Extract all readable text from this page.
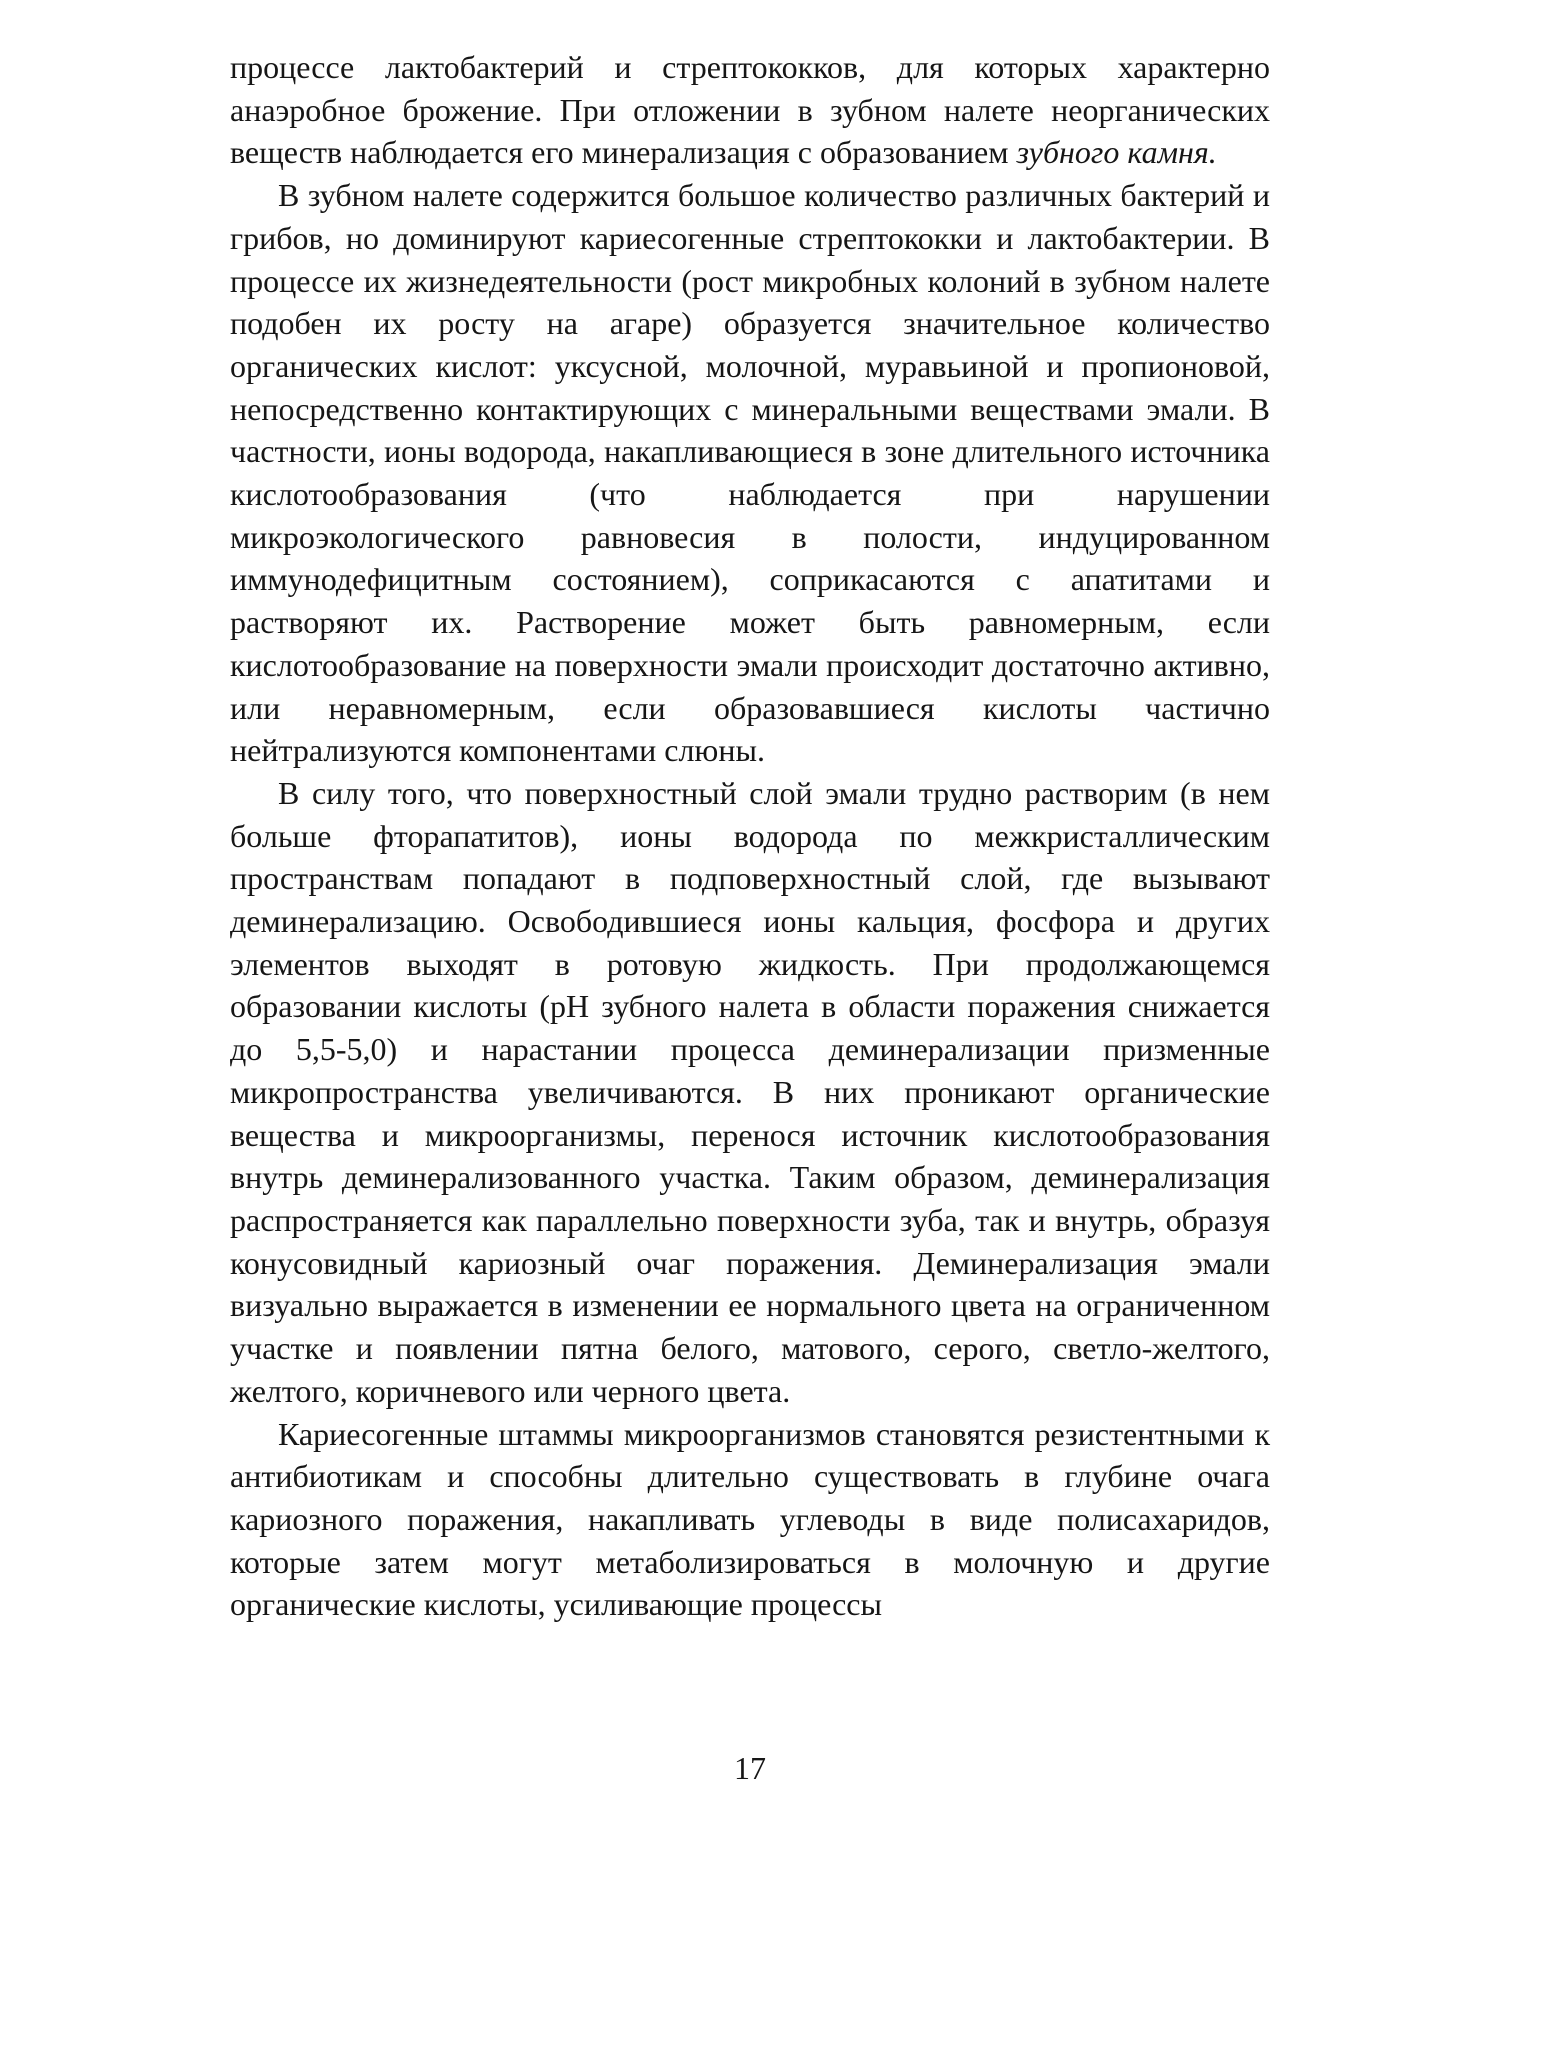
процессе лактобактерий и стрептококков, для которых характерно анаэробное брожение. При отложении в зубном налете неорганических веществ наблюдается его минерализация с образованием зубного камня.

В зубном налете содержится большое количество различных бактерий и грибов, но доминируют кариесогенные стрептококки и лактобактерии. В процессе их жизнедеятельности (рост микробных колоний в зубном налете подобен их росту на агаре) образуется значительное количество органических кислот: уксусной, молочной, муравьиной и пропионовой, непосредственно контактирующих с минеральными веществами эмали. В частности, ионы водорода, накапливающиеся в зоне длительного источника кислотообразования (что наблюдается при нарушении микроэкологического равновесия в полости, индуцированном иммунодефицитным состоянием), соприкасаются с апатитами и растворяют их. Растворение может быть равномерным, если кислотообразование на поверхности эмали происходит достаточно активно, или неравномерным, если образовавшиеся кислоты частично нейтрализуются компонентами слюны.

В силу того, что поверхностный слой эмали трудно растворим (в нем больше фторапатитов), ионы водорода по межкристаллическим пространствам попадают в подповерхностный слой, где вызывают деминерализацию. Освободившиеся ионы кальция, фосфора и других элементов выходят в ротовую жидкость. При продолжающемся образовании кислоты (pH зубного налета в области поражения снижается до 5,5-5,0) и нарастании процесса деминерализации призменные микропространства увеличиваются. В них проникают органические вещества и микроорганизмы, перенося источник кислотообразования внутрь деминерализованного участка. Таким образом, деминерализация распространяется как параллельно поверхности зуба, так и внутрь, образуя конусовидный кариозный очаг поражения. Деминерализация эмали визуально выражается в изменении ее нормального цвета на ограниченном участке и появлении пятна белого, матового, серого, светло-желтого, желтого, коричневого или черного цвета.

Кариесогенные штаммы микроорганизмов становятся резистентными к антибиотикам и способны длительно существовать в глубине очага кариозного поражения, накапливать углеводы в виде полисахаридов, которые затем могут метаболизироваться в молочную и другие органические кислоты, усиливающие процессы

17
